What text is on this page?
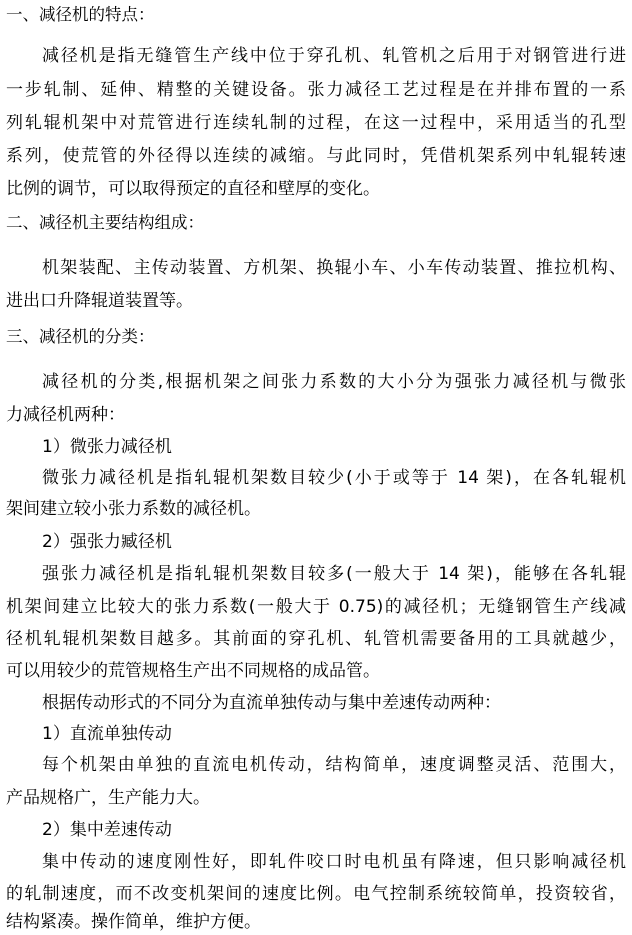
一、减径机的特点：
减径机是指无缝管生产线中位于穿孔机、轧管机之后用于对钢管进行进
一步轧制、延伸、精整的关键设备。张力减径工艺过程是在并排布置的一系
列轧辊机架中对荒管进行连续轧制的过程，在这一过程中，采用适当的孔型
系列，使荒管的外径得以连续的减缩。与此同时，凭借机架系列中轧辊转速
比例的调节，可以取得预定的直径和壁厚的变化。
二、减径机主要结构组成：
机架装配、主传动装置、方机架、换辊小车、小车传动装置、推拉机构、
进出口升降辊道装置等。
三、减径机的分类：
减径机的分类,根据机架之间张力系数的大小分为强张力减径机与微张
力减径机两种：
1）微张力减径机
微张力减径机是指轧辊机架数目较少(小于或等于 14 架)，在各轧辊机
架间建立较小张力系数的减径机。
2）强张力臧径机
强张力减径机是指轧辊机架数目较多(一般大于 14 架)，能够在各轧辊
机架间建立比较大的张力系数(一般大于 0.75)的减径机；无缝钢管生产线减
径机轧辊机架数目越多。其前面的穿孔机、轧管机需要备用的工具就越少，
可以用较少的荒管规格生产出不同规格的成品管。
根据传动形式的不同分为直流单独传动与集中差速传动两种：
1）直流单独传动
每个机架由单独的直流电机传动，结构简单，速度调整灵活、范围大，
产品规格广，生产能力大。
2）集中差速传动
集中传动的速度刚性好，即轧件咬口时电机虽有降速，但只影响减径机
的轧制速度，而不改变机架间的速度比例。电气控制系统较简单，投资较省，
结构紧凑。操作简单，维护方便。
